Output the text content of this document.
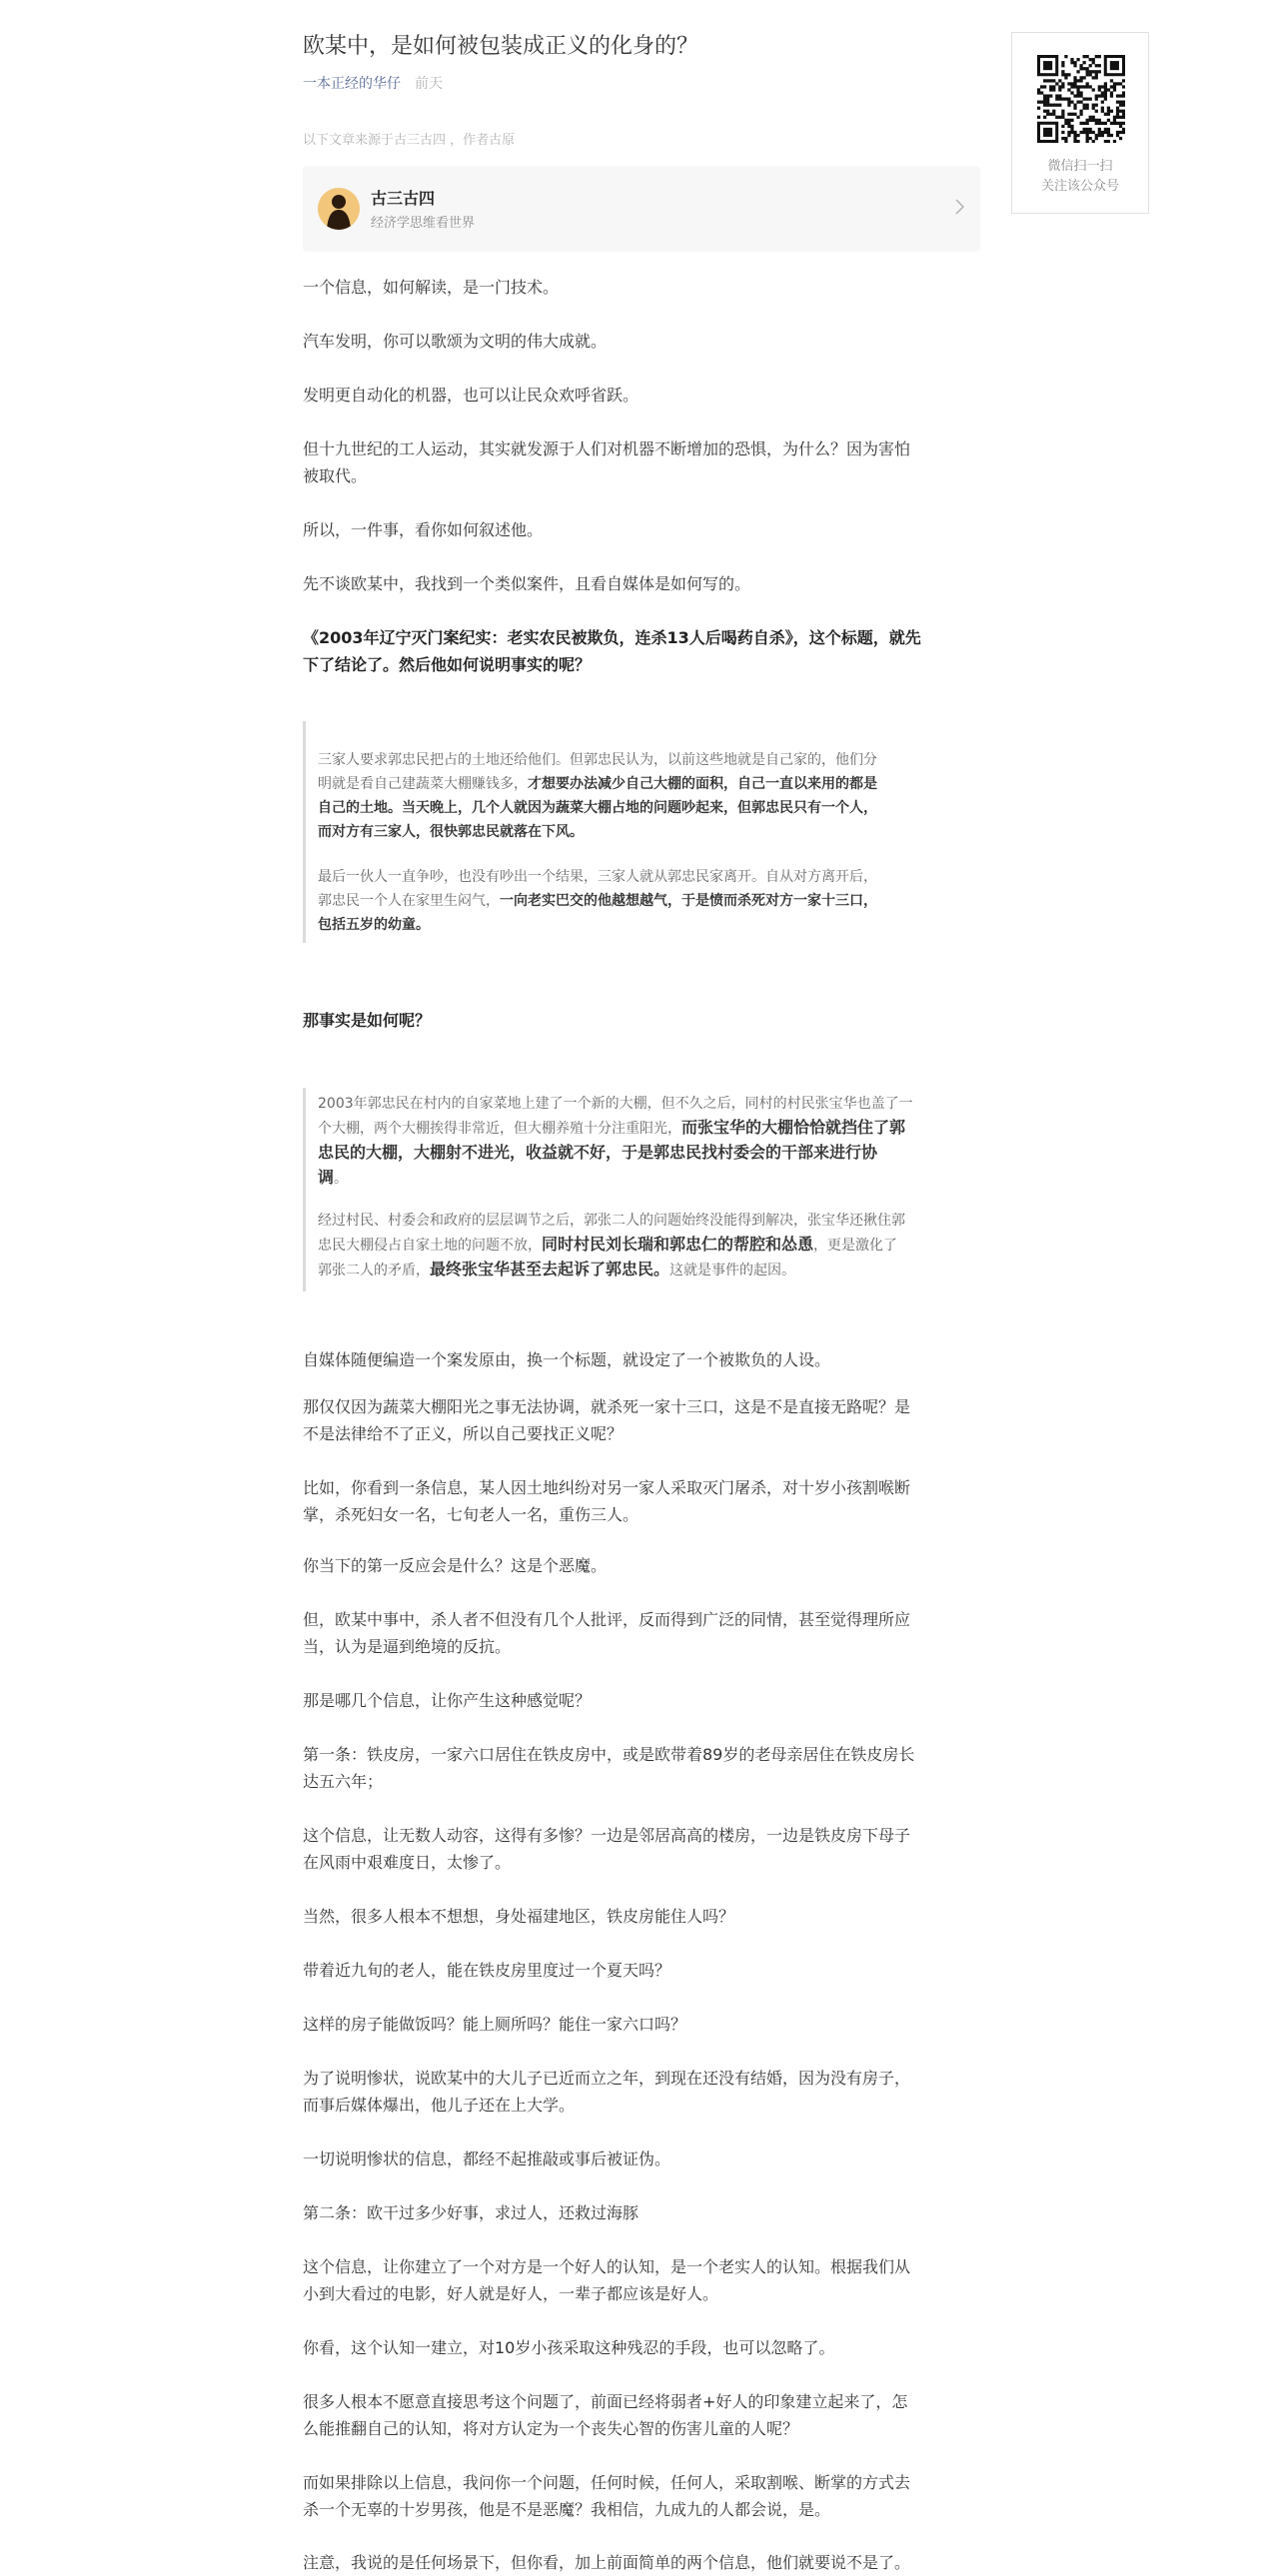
欧某中，是如何被包装成正义的化身的？
一本正经的华仔 前天
以下文章来源于古三古四 ，作者古原
古三古四
经济学思维看世界

一个信息，如何解读，是一门技术。

汽车发明，你可以歌颂为文明的伟大成就。

发明更自动化的机器，也可以让民众欢呼省跃。

但十九世纪的工人运动，其实就发源于人们对机器不断增加的恐惧，为什么？因为害怕
被取代。

所以，一件事，看你如何叙述他。

先不谈欧某中，我找到一个类似案件，且看自媒体是如何写的。

《2003年辽宁灭门案纪实：老实农民被欺负，连杀13人后喝药自杀》，这个标题，就先
下了结论了。然后他如何说明事实的呢？

三家人要求郭忠民把占的土地还给他们。但郭忠民认为，以前这些地就是自己家的，他们分
明就是看自己建蔬菜大棚赚钱多，才想要办法减少自己大棚的面积，自己一直以来用的都是
自己的土地。当天晚上，几个人就因为蔬菜大棚占地的问题吵起来，但郭忠民只有一个人，
而对方有三家人，很快郭忠民就落在下风。

最后一伙人一直争吵，也没有吵出一个结果，三家人就从郭忠民家离开。自从对方离开后，
郭忠民一个人在家里生闷气，一向老实巴交的他越想越气，于是愤而杀死对方一家十三口，
包括五岁的幼童。

那事实是如何呢？

2003年郭忠民在村内的自家菜地上建了一个新的大棚，但不久之后，同村的村民张宝华也盖了一
个大棚，两个大棚挨得非常近，但大棚养殖十分注重阳光，而张宝华的大棚恰恰就挡住了郭
忠民的大棚，大棚射不进光，收益就不好，于是郭忠民找村委会的干部来进行协
调。

经过村民、村委会和政府的层层调节之后，郭张二人的问题始终没能得到解决，张宝华还揪住郭
忠民大棚侵占自家土地的问题不放，同时村民刘长瑞和郭忠仁的帮腔和怂恿，更是激化了
郭张二人的矛盾，最终张宝华甚至去起诉了郭忠民。这就是事件的起因。

自媒体随便编造一个案发原由，换一个标题，就设定了一个被欺负的人设。

那仅仅因为蔬菜大棚阳光之事无法协调，就杀死一家十三口，这是不是直接无路呢？是
不是法律给不了正义，所以自己要找正义呢？

比如，你看到一条信息，某人因土地纠纷对另一家人采取灭门屠杀，对十岁小孩割喉断
掌，杀死妇女一名，七旬老人一名，重伤三人。

你当下的第一反应会是什么？这是个恶魔。

但，欧某中事中，杀人者不但没有几个人批评，反而得到广泛的同情，甚至觉得理所应
当，认为是逼到绝境的反抗。

那是哪几个信息，让你产生这种感觉呢？

第一条：铁皮房，一家六口居住在铁皮房中，或是欧带着89岁的老母亲居住在铁皮房长
达五六年；

这个信息，让无数人动容，这得有多惨？一边是邻居高高的楼房，一边是铁皮房下母子
在风雨中艰难度日，太惨了。

当然，很多人根本不想想，身处福建地区，铁皮房能住人吗？

带着近九旬的老人，能在铁皮房里度过一个夏天吗？

这样的房子能做饭吗？能上厕所吗？能住一家六口吗？

为了说明惨状，说欧某中的大儿子已近而立之年，到现在还没有结婚，因为没有房子，
而事后媒体爆出，他儿子还在上大学。

一切说明惨状的信息，都经不起推敲或事后被证伪。

第二条：欧干过多少好事，求过人，还救过海豚

这个信息，让你建立了一个对方是一个好人的认知，是一个老实人的认知。根据我们从
小到大看过的电影，好人就是好人，一辈子都应该是好人。

你看，这个认知一建立，对10岁小孩采取这种残忍的手段，也可以忽略了。

很多人根本不愿意直接思考这个问题了，前面已经将弱者+好人的印象建立起来了，怎
么能推翻自己的认知，将对方认定为一个丧失心智的伤害儿童的人呢？

而如果排除以上信息，我问你一个问题，任何时候，任何人，采取割喉、断掌的方式去
杀一个无辜的十岁男孩，他是不是恶魔？我相信，九成九的人都会说，是。

注意，我说的是任何场景下，但你看，加上前面简单的两个信息，他们就要说不是了。

微信扫一扫
关注该公众号
